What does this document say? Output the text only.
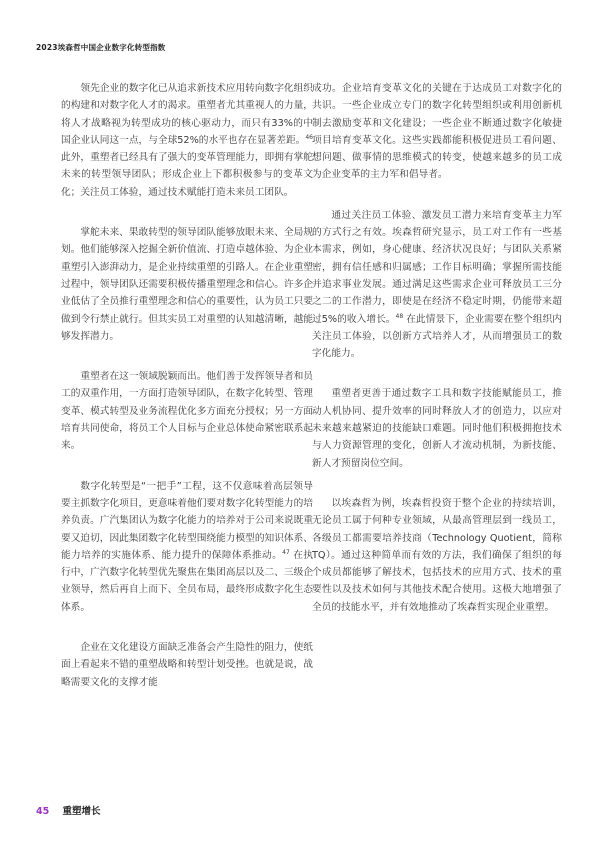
2023埃森哲中国企业数字化转型指数

领先企业的数字化已从追求新技术应用转向数字化组织的构建和对数字化人才的渴求。重塑者尤其重视人的力量，将人才战略视为转型成功的核心驱动力，而只有33%的中国企业认同这一点，与全球52%的水平也存在显著差距。$^{46}$ 此外，重塑者已经具有了强大的变革管理能力，即拥有掌舵未来的转型领导团队；形成企业上下都积极参与的变革文化；关注员工体验，通过技术赋能打造未来员工团队。

掌舵未来、果敢转型的领导团队能够放眼未来、全局规划。他们能够深入挖掘全新价值流、打造卓越体验、为企业重塑引入澎湃动力，是企业持续重塑的引路人。在企业重塑过程中，领导团队还需要积极传播重塑理念和信心。许多企业低估了全员推行重塑理念和信心的重要性，认为员工只要做到令行禁止就行。但其实员工对重塑的认知越清晰，越能够发挥潜力。

重塑者在这一领域脱颖而出。他们善于发挥领导者和员工的双重作用，一方面打造领导团队，在数字化转型、管理变革、模式转型及业务流程优化多方面充分授权；另一方面培育共同使命，将员工个人目标与企业总体使命紧密联系起来。

数字化转型是“一把手”工程，这不仅意味着高层领导要主抓数字化项目，更意味着他们要对数字化转型能力的培养负责。广汽集团认为数字化能力的培养对于公司来说既重要又迫切，因此集团数字化转型围绕能力模型的知识体系、能力培养的实施体系、能力提升的保障体系推动。$^{47}$ 在执行中，广汽数字化转型优先聚焦在集团高层以及二、三级企业领导，然后再自上而下、全员布局，最终形成数字化生态体系。

企业在文化建设方面缺乏准备会产生隐性的阻力，使纸面上看起来不错的重塑战略和转型计划受挫。也就是说，战略需要文化的支撑才能

成功。企业培育变革文化的关键在于达成员工对数字化的共识。一些企业成立专门的数字化转型组织或利用创新机制去激励变革和文化建设；一些企业不断通过数字化敏捷项目培育变革文化。这些实践都能积极促进员工看问题、想问题、做事情的思维模式的转变，使越来越多的员工成为企业变革的主力军和倡导者。

通过关注员工体验、激发员工潜力来培育变革主力军的方式行之有效。埃森哲研究显示，员工对工作有一些基本需求，例如，身心健康、经济状况良好；与团队关系紧密，拥有信任感和归属感；工作目标明确；掌握所需技能并追求事业发展。通过满足这些需求企业可释放员工三分之二的工作潜力，即使是在经济不稳定时期，仍能带来超过5%的收入增长。$^{48}$ 在此情景下，企业需要在整个组织内关注员工体验，以创新方式培养人才，从而增强员工的数字化能力。

重塑者更善于通过数字工具和数字技能赋能员工，推动人机协同、提升效率的同时释放人才的创造力，以应对未来越来越紧迫的技能缺口难题。同时他们积极拥抱技术与人力资源管理的变化，创新人才流动机制，为新技能、新人才预留岗位空间。

以埃森哲为例，埃森哲投资于整个企业的持续培训，无论员工属于何种专业领域，从最高管理层到一线员工，各级员工都需要培养技商（Technology Quotient，简称TQ）。通过这种简单而有效的方法，我们确保了组织的每个成员都能够了解技术，包括技术的应用方式、技术的重要性以及技术如何与其他技术配合使用。这极大地增强了全员的技能水平，并有效地推动了埃森哲实现企业重塑。

45 重塑增长
